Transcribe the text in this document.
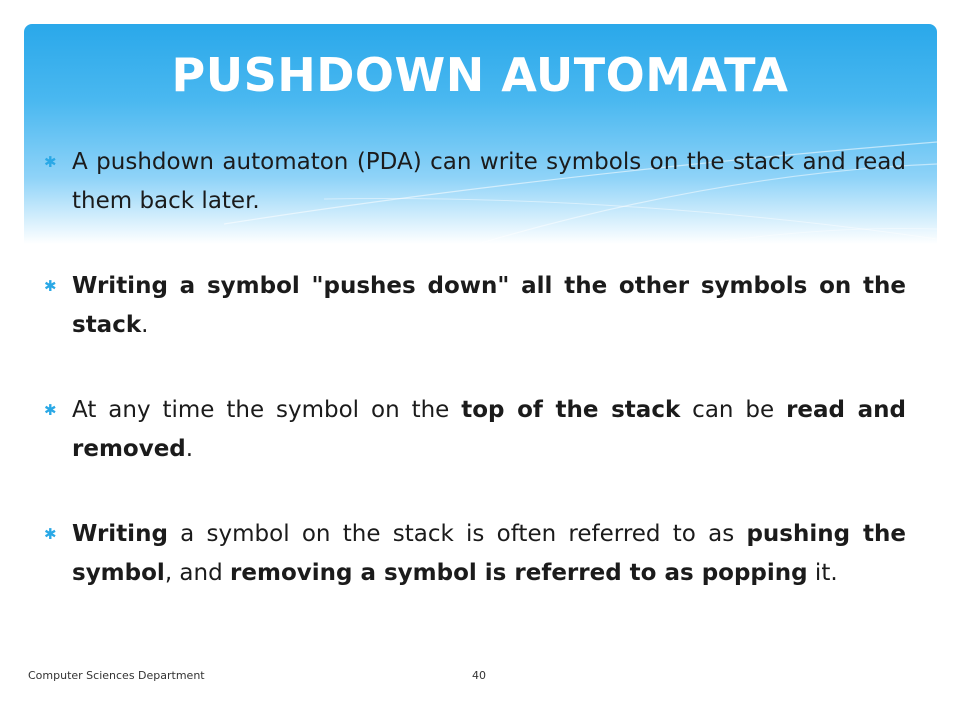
PUSHDOWN AUTOMATA
✱ A pushdown automaton (PDA) can write symbols on the stack and read them back later.
✱ Writing a symbol "pushes down" all the other symbols on the stack.
✱ At any time the symbol on the top of the stack can be read and removed.
✱ Writing a symbol on the stack is often referred to as pushing the symbol, and removing a symbol is referred to as popping it.
Computer Sciences Department	40
